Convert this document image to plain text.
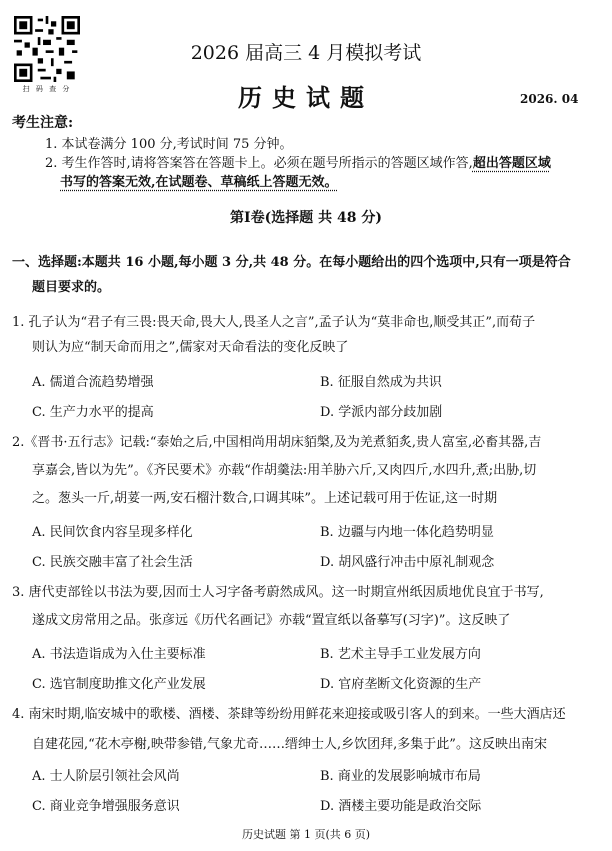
扫 码 查 分
2026 届高三 4 月模拟考试
历史试题	2026. 04
考生注意:
1. 本试卷满分 100 分,考试时间 75 分钟。
2. 考生作答时,请将答案答在答题卡上。必须在题号所指示的答题区域作答,超出答题区域
书写的答案无效,在试题卷、草稿纸上答题无效。
第Ⅰ卷(选择题 共 48 分)
一、选择题:本题共 16 小题,每小题 3 分,共 48 分。在每小题给出的四个选项中,只有一项是符合
题目要求的。
1. 孔子认为“君子有三畏:畏天命,畏大人,畏圣人之言”,孟子认为“莫非命也,顺受其正”,而荀子
则认为应“制天命而用之”,儒家对天命看法的变化反映了
A. 儒道合流趋势增强	B. 征服自然成为共识
C. 生产力水平的提高	D. 学派内部分歧加剧
2.《晋书·五行志》记载:“泰始之后,中国相尚用胡床貊槃,及为羌煮貊炙,贵人富室,必畜其器,吉
享嘉会,皆以为先”。《齐民要术》亦载“作胡羹法:用羊胁六斤,又肉四斤,水四升,煮;出胁,切
之。葱头一斤,胡荽一两,安石榴汁数合,口调其味”。上述记载可用于佐证,这一时期
A. 民间饮食内容呈现多样化	B. 边疆与内地一体化趋势明显
C. 民族交融丰富了社会生活	D. 胡风盛行冲击中原礼制观念
3. 唐代吏部铨以书法为要,因而士人习字备考蔚然成风。这一时期宣州纸因质地优良宜于书写,
遂成文房常用之品。张彦远《历代名画记》亦载“置宣纸以备摹写(习字)”。这反映了
A. 书法造诣成为入仕主要标准	B. 艺术主导手工业发展方向
C. 选官制度助推文化产业发展	D. 官府垄断文化资源的生产
4. 南宋时期,临安城中的歌楼、酒楼、茶肆等纷纷用鲜花来迎接或吸引客人的到来。一些大酒店还
自建花园,“花木亭榭,映带参错,气象尤奇……缙绅士人,乡饮团拜,多集于此”。这反映出南宋
A. 士人阶层引领社会风尚	B. 商业的发展影响城市布局
C. 商业竞争增强服务意识	D. 酒楼主要功能是政治交际
历史试题 第 1 页(共 6 页)
